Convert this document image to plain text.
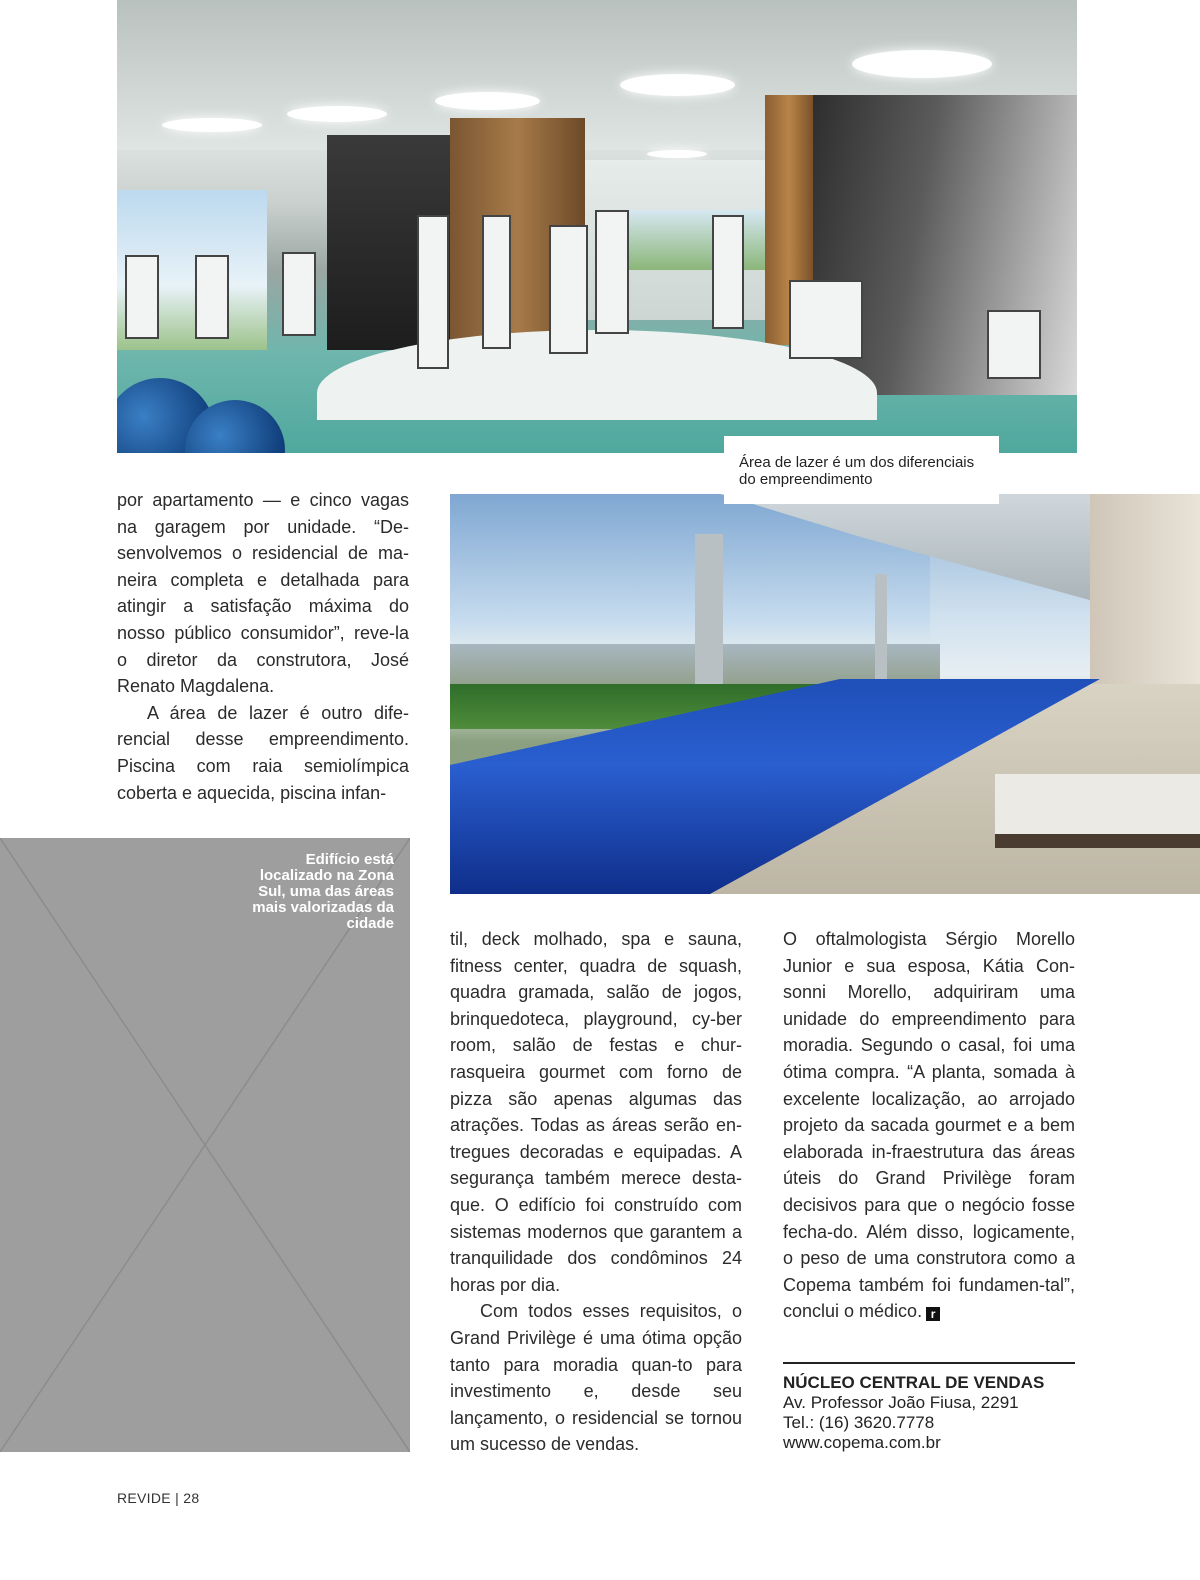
Área de lazer é um dos diferenciais do empreendimento
Edifício está localizado na Zona Sul, uma das áreas mais valorizadas da cidade

por apartamento — e cinco vagas na garagem por unidade. “De-senvolvemos o residencial de ma-neira completa e detalhada para atingir a satisfação máxima do nosso público consumidor”, reve-la o diretor da construtora, José Renato Magdalena.

A área de lazer é outro dife-rencial desse empreendimento. Piscina com raia semiolímpica coberta e aquecida, piscina infan-

til, deck molhado, spa e sauna, fitness center, quadra de squash, quadra gramada, salão de jogos, brinquedoteca, playground, cy-ber room, salão de festas e chur-rasqueira gourmet com forno de pizza são apenas algumas das atrações. Todas as áreas serão en-tregues decoradas e equipadas. A segurança também merece desta-que. O edifício foi construído com sistemas modernos que garantem a tranquilidade dos condôminos 24 horas por dia.

Com todos esses requisitos, o Grand Privilège é uma ótima opção tanto para moradia quan-to para investimento e, desde seu lançamento, o residencial se tornou um sucesso de vendas.

O oftalmologista Sérgio Morello Junior e sua esposa, Kátia Con-sonni Morello, adquiriram uma unidade do empreendimento para moradia. Segundo o casal, foi uma ótima compra. “A planta, somada à excelente localização, ao arrojado projeto da sacada gourmet e a bem elaborada in-fraestrutura das áreas úteis do Grand Privilège foram decisivos para que o negócio fosse fecha-do. Além disso, logicamente, o peso de uma construtora como a Copema também foi fundamen-tal”, conclui o médico. r

NÚCLEO CENTRAL DE VENDAS
Av. Professor João Fiusa, 2291
Tel.: (16) 3620.7778
www.copema.com.br
REVIDE | 28
